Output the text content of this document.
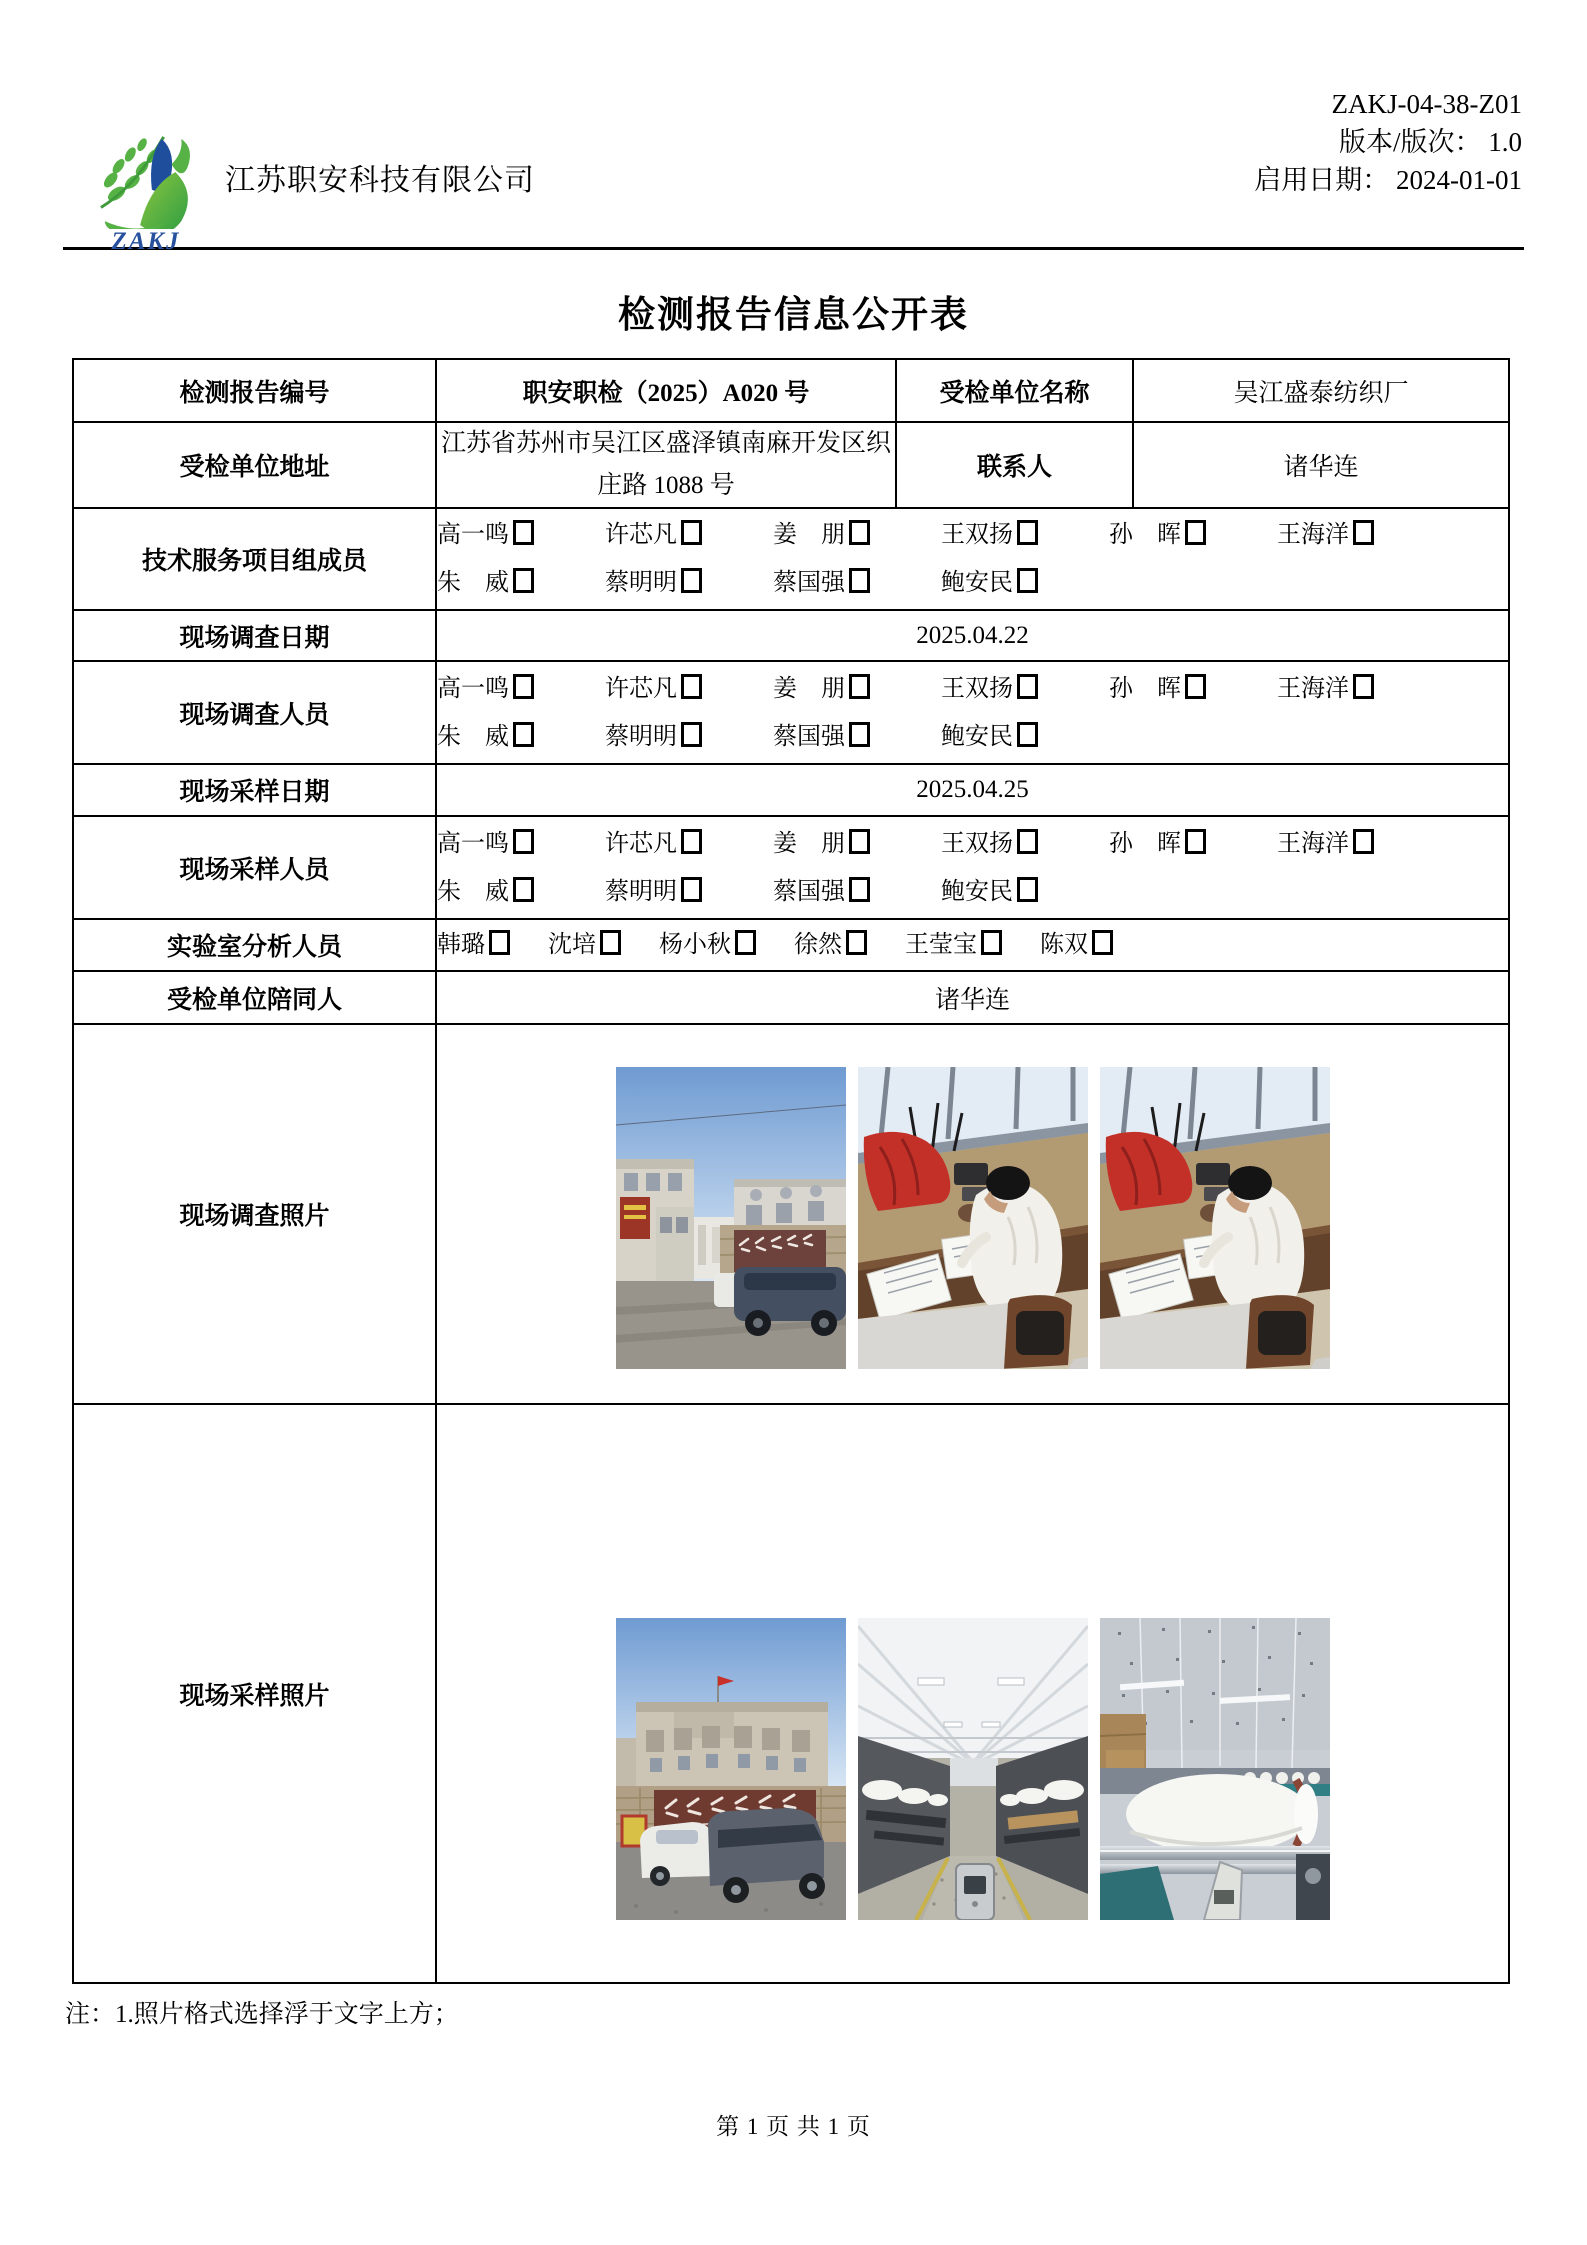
ZAKJ
江苏职安科技有限公司
ZAKJ-04-38-Z01
版本/版次： 1.0
启用日期： 2024-01-01
检测报告信息公开表
检测报告编号	职安职检（2025）A020 号	受检单位名称	吴江盛泰纺织厂
受检单位地址	江苏省苏州市吴江区盛泽镇南麻开发区织庄路 1088 号	联系人	诸华连
技术服务项目组成员	高一鸣 许芯凡 姜　朋 王双扬 孙　晖 王海洋
朱　威 蔡明明 蔡国强 鲍安民		

现场调查日期	2025.04.22		
现场调查人员	高一鸣 许芯凡 姜　朋 王双扬 孙　晖 王海洋
朱　威 蔡明明 蔡国强 鲍安民		

现场采样日期	2025.04.25		
现场采样人员	高一鸣 许芯凡 姜　朋 王双扬 孙　晖 王海洋
朱　威 蔡明明 蔡国强 鲍安民		

实验室分析人员	韩璐 沈培 杨小秋 徐然 王莹宝 陈双		

受检单位陪同人	诸华连		
现场调查照片	

现场采样照片	
注：1.照片格式选择浮于文字上方；
第 1 页 共 1 页
